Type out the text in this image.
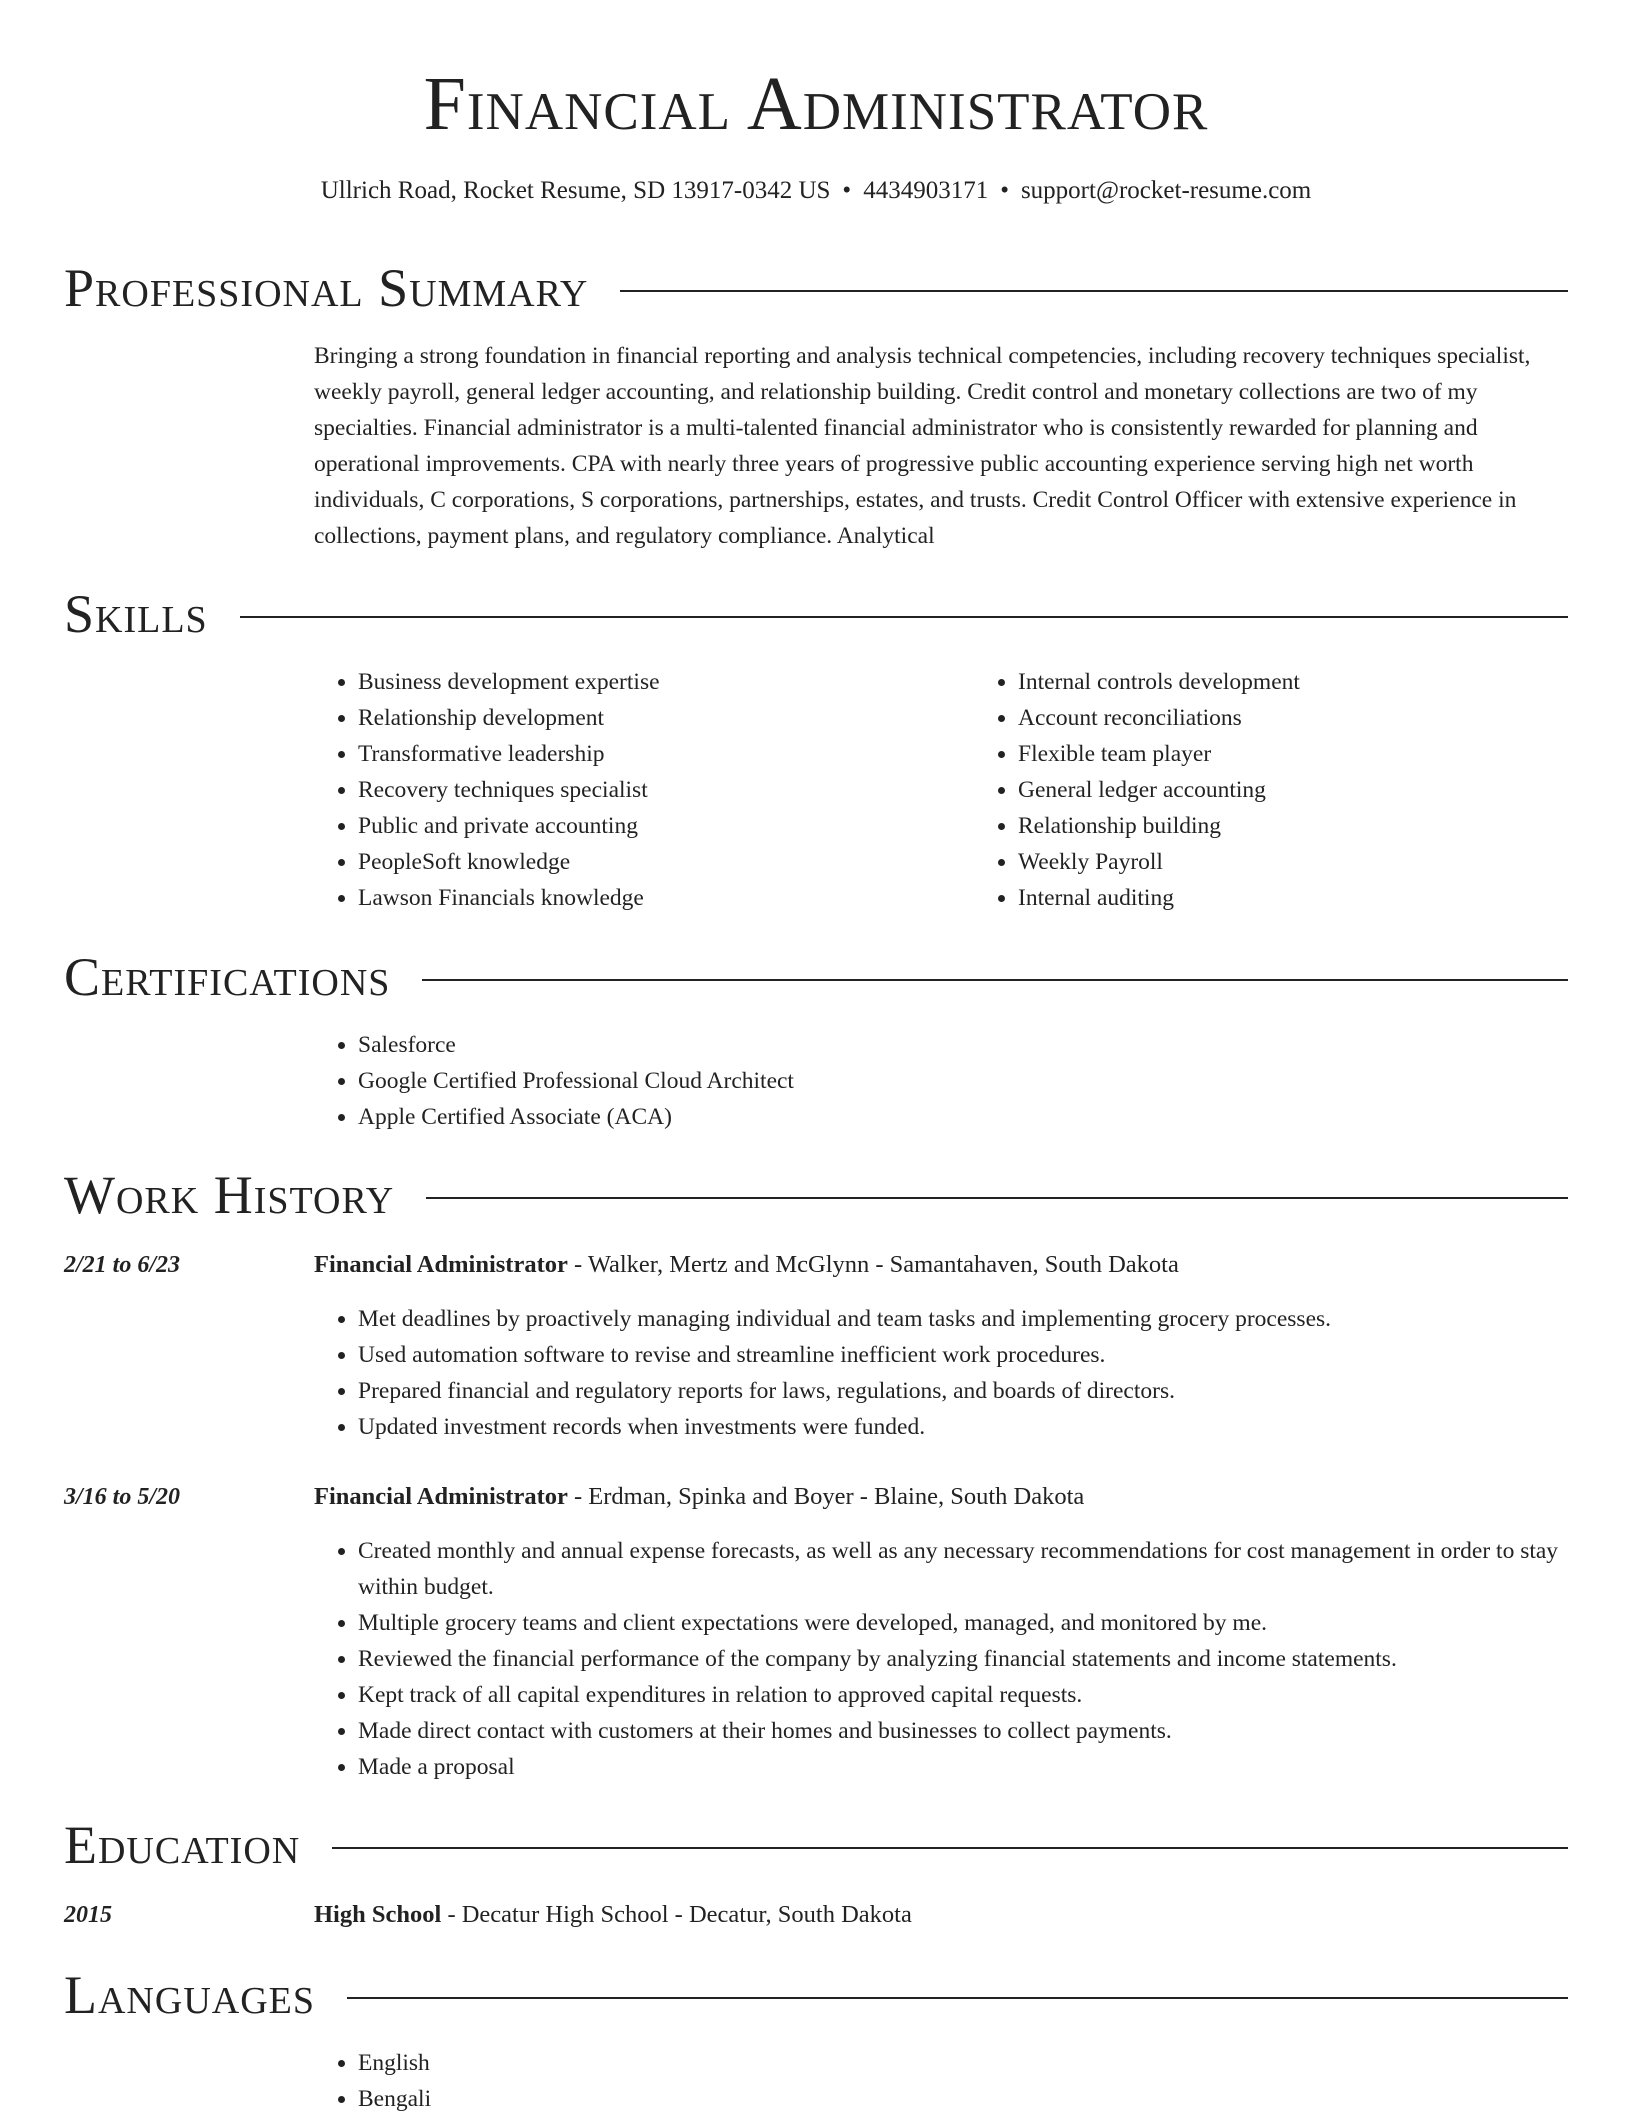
Financial Administrator
Ullrich Road, Rocket Resume, SD 13917-0342 US • 4434903171 • support@rocket-resume.com
Professional Summary

Bringing a strong foundation in financial reporting and analysis technical competencies, including recovery techniques specialist, weekly payroll, general ledger accounting, and relationship building. Credit control and monetary collections are two of my specialties. Financial administrator is a multi-talented financial administrator who is consistently rewarded for planning and operational improvements. CPA with nearly three years of progressive public accounting experience serving high net worth individuals, C corporations, S corporations, partnerships, estates, and trusts. Credit Control Officer with extensive experience in collections, payment plans, and regulatory compliance. Analytical

Skills
• Business development expertise
• Relationship development
• Transformative leadership
• Recovery techniques specialist
• Public and private accounting
• PeopleSoft knowledge
• Lawson Financials knowledge
• Internal controls development
• Account reconciliations
• Flexible team player
• General ledger accounting
• Relationship building
• Weekly Payroll
• Internal auditing
Certifications
• Salesforce
• Google Certified Professional Cloud Architect
• Apple Certified Associate (ACA)
Work History
2/21 to 6/23	Financial Administrator - Walker, Mertz and McGlynn - Samantahaven, South Dakota
• Met deadlines by proactively managing individual and team tasks and implementing grocery processes.
• Used automation software to revise and streamline inefficient work procedures.
• Prepared financial and regulatory reports for laws, regulations, and boards of directors.
• Updated investment records when investments were funded.
3/16 to 5/20	Financial Administrator - Erdman, Spinka and Boyer - Blaine, South Dakota
• Created monthly and annual expense forecasts, as well as any necessary recommendations for cost management in order to stay within budget.
• Multiple grocery teams and client expectations were developed, managed, and monitored by me.
• Reviewed the financial performance of the company by analyzing financial statements and income statements.
• Kept track of all capital expenditures in relation to approved capital requests.
• Made direct contact with customers at their homes and businesses to collect payments.
• Made a proposal
Education
2015	High School - Decatur High School - Decatur, South Dakota
Languages
• English
• Bengali
